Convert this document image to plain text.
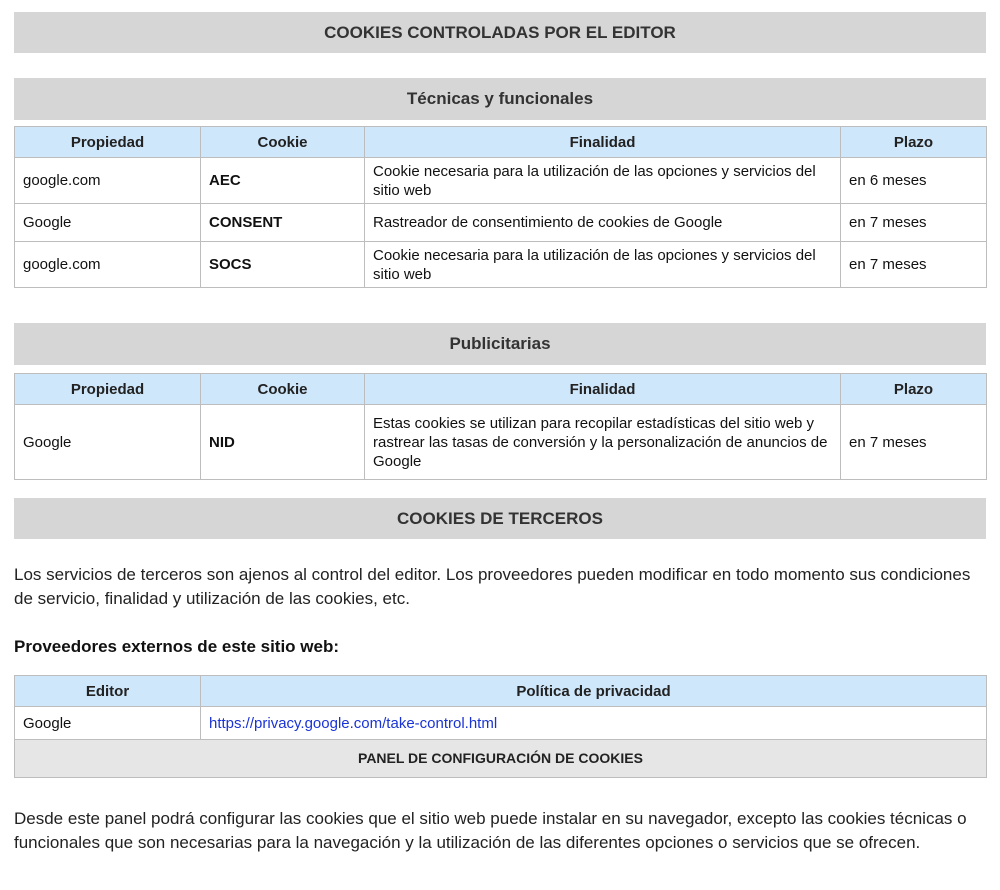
COOKIES CONTROLADAS POR EL EDITOR
Técnicas y funcionales
Propiedad	Cookie	Finalidad	Plazo
google.com	AEC	Cookie necesaria para la utilización de las opciones y servicios del sitio web	en 6 meses
Google	CONSENT	Rastreador de consentimiento de cookies de Google	en 7 meses
google.com	SOCS	Cookie necesaria para la utilización de las opciones y servicios del sitio web	en 7 meses
Publicitarias
Propiedad	Cookie	Finalidad	Plazo
Google	NID	Estas cookies se utilizan para recopilar estadísticas del sitio web y rastrear las tasas de conversión y la personalización de anuncios de Google	en 7 meses
COOKIES DE TERCEROS

Los servicios de terceros son ajenos al control del editor. Los proveedores pueden modificar en todo momento sus condiciones de servicio, finalidad y utilización de las cookies, etc.

Proveedores externos de este sitio web:

Editor	Política de privacidad
Google	https://privacy.google.com/take-control.html
PANEL DE CONFIGURACIÓN DE COOKIES	

Desde este panel podrá configurar las cookies que el sitio web puede instalar en su navegador, excepto las cookies técnicas o funcionales que son necesarias para la navegación y la utilización de las diferentes opciones o servicios que se ofrecen.
